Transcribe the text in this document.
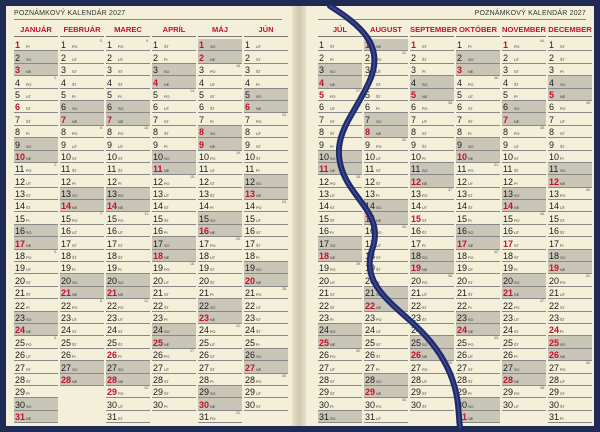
POZNÁMKOVÝ KALENDÁR 2027	POZNÁMKOVÝ KALENDÁR 2027
JANUÁR
1 PI
2 SO
3 NE
4 PO
1.
5 UT
6 ST
7 ŠT
8 PI
9 SO
10 NE
11 PO
2.
12 UT
13 ST
14 ŠT
15 PI
16 SO
17 NE
18 PO
3.
19 UT
20 ST
21 ŠT
22 PI
23 SO
24 NE
25 PO
4.
26 UT
27 ST
28 ŠT
29 PI
30 SO
31 NE
FEBRUÁR
1 PO
5.
2 UT
3 ST
4 ŠT
5 PI
6 SO
7 NE
8 PO
6.
9 UT
10 ST
11 ŠT
12 PI
13 SO
14 NE
15 PO
7.
16 UT
17 ST
18 ŠT
19 PI
20 SO
21 NE
22 PO
8.
23 UT
24 ST
25 ŠT
26 PI
27 SO
28 NE
MAREC
1 PO
9.
2 UT
3 ST
4 ŠT
5 PI
6 SO
7 NE
8 PO
10.
9 UT
10 ST
11 ŠT
12 PI
13 SO
14 NE
15 PO
11.
16 UT
17 ST
18 ŠT
19 PI
20 SO
21 NE
22 PO
12.
23 UT
24 ST
25 ŠT
26 PI
27 SO
28 NE
29 PO
13.
30 UT
31 ST
APRÍL
1 ŠT
2 PI
3 SO
4 NE
5 PO
14.
6 UT
7 ST
8 ŠT
9 PI
10 SO
11 NE
12 PO
15.
13 UT
14 ST
15 ŠT
16 PI
17 SO
18 NE
19 PO
16.
20 UT
21 ST
22 ŠT
23 PI
24 SO
25 NE
26 PO
17.
27 UT
28 ST
29 ŠT
30 PI
MÁJ
1 SO
2 NE
3 PO
18.
4 UT
5 ST
6 ŠT
7 PI
8 SO
9 NE
10 PO
19.
11 UT
12 ST
13 ŠT
14 PI
15 SO
16 NE
17 PO
20.
18 UT
19 ST
20 ŠT
21 PI
22 SO
23 NE
24 PO
21.
25 UT
26 ST
27 ŠT
28 PI
29 SO
30 NE
31 PO
22.
JÚN
1 UT
2 ST
3 ŠT
4 PI
5 SO
6 NE
7 PO
23.
8 UT
9 ST
10 ŠT
11 PI
12 SO
13 NE
14 PO
24.
15 UT
16 ST
17 ŠT
18 PI
19 SO
20 NE
21 PO
25.
22 UT
23 ST
24 ŠT
25 PI
26 SO
27 NE
28 PO
26.
29 UT
30 ST
JÚL
1 ŠT
2 PI
3 SO
4 NE
5 PO
27.
6 UT
7 ST
8 ŠT
9 PI
10 SO
11 NE
12 PO
28.
13 UT
14 ST
15 ŠT
16 PI
17 SO
18 NE
19 PO
29.
20 UT
21 ST
22 ŠT
23 PI
24 SO
25 NE
26 PO
30.
27 UT
28 ST
29 ŠT
30 PI
31 SO
AUGUST
1 NE
2 PO
31.
3 UT
4 ST
5 ŠT
6 PI
7 SO
8 NE
9 PO
32.
10 UT
11 ST
12 ŠT
13 PI
14 SO
15 NE
16 PO
33.
17 UT
18 ST
19 ŠT
20 PI
21 SO
22 NE
23 PO
34.
24 UT
25 ST
26 ŠT
27 PI
28 SO
29 NE
30 PO
35.
31 UT
SEPTEMBER
1 ST
2 ŠT
3 PI
4 SO
5 NE
6 PO
36.
7 UT
8 ST
9 ŠT
10 PI
11 SO
12 NE
13 PO
37.
14 UT
15 ST
16 ŠT
17 PI
18 SO
19 NE
20 PO
38.
21 UT
22 ST
23 ŠT
24 PI
25 SO
26 NE
27 PO
39.
28 UT
29 ST
30 ŠT
OKTÓBER
1 PI
2 SO
3 NE
4 PO
40.
5 UT
6 ST
7 ŠT
8 PI
9 SO
10 NE
11 PO
41.
12 UT
13 ST
14 ŠT
15 PI
16 SO
17 NE
18 PO
42.
19 UT
20 ST
21 ŠT
22 PI
23 SO
24 NE
25 PO
43.
26 UT
27 ST
28 ŠT
29 PI
30 SO
31 NE
NOVEMBER
1 PO
44.
2 UT
3 ST
4 ŠT
5 PI
6 SO
7 NE
8 PO
45.
9 UT
10 ST
11 ŠT
12 PI
13 SO
14 NE
15 PO
46.
16 UT
17 ST
18 ŠT
19 PI
20 SO
21 NE
22 PO
47.
23 UT
24 ST
25 ŠT
26 PI
27 SO
28 NE
29 PO
48.
30 UT
DECEMBER
1 ST
2 ŠT
3 PI
4 SO
5 NE
6 PO
49.
7 UT
8 ST
9 ŠT
10 PI
11 SO
12 NE
13 PO
50.
14 UT
15 ST
16 ŠT
17 PI
18 SO
19 NE
20 PO
51.
21 UT
22 ST
23 ŠT
24 PI
25 SO
26 NE
27 PO
52.
28 UT
29 ST
30 ŠT
31 PI
